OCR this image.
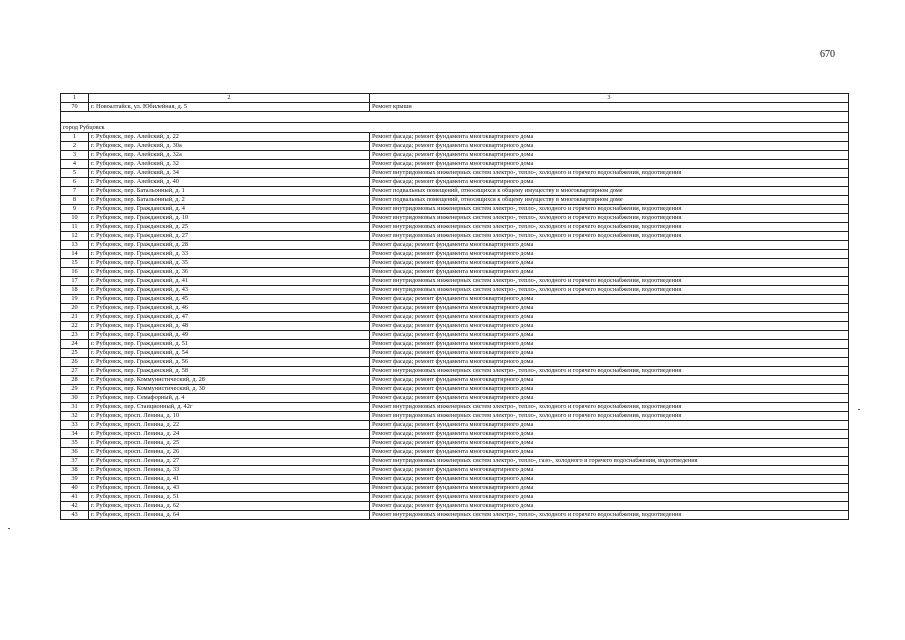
670
1	2	3
70	г. Новоалтайск, ул. Юбилейная, д. 5	Ремонт крыши

город Рубцовск		
1	г. Рубцовск, пер. Алейский, д. 22	Ремонт фасада; ремонт фундамента многоквартирного дома
2	г. Рубцовск, пер. Алейский, д. 30а	Ремонт фасада; ремонт фундамента многоквартирного дома
3	г. Рубцовск, пер. Алейский, д. 32а	Ремонт фасада; ремонт фундамента многоквартирного дома
4	г. Рубцовск, пер. Алейский, д. 32	Ремонт фасада; ремонт фундамента многоквартирного дома
5	г. Рубцовск, пер. Алейский, д. 34	Ремонт внутридомовых инженерных систем электро-, тепло-, холодного и горячего водоснабжения, водоотведения
6	г. Рубцовск, пер. Алейский, д. 40	Ремонт фасада; ремонт фундамента многоквартирного дома
7	г. Рубцовск, пер. Батальонный, д. 1	Ремонт подвальных помещений, относящихся к общему имуществу в многоквартирном доме
8	г. Рубцовск, пер. Батальонный, д. 2	Ремонт подвальных помещений, относящихся к общему имуществу в многоквартирном доме
9	г. Рубцовск, пер. Гражданский, д. 4	Ремонт внутридомовых инженерных систем электро-, тепло-, холодного и горячего водоснабжения, водоотведения
10	г. Рубцовск, пер. Гражданский, д. 10	Ремонт внутридомовых инженерных систем электро-, тепло-, холодного и горячего водоснабжения, водоотведения
11	г. Рубцовск, пер. Гражданский, д. 25	Ремонт внутридомовых инженерных систем электро-, тепло-, холодного и горячего водоснабжения, водоотведения
12	г. Рубцовск, пер. Гражданский, д. 27	Ремонт внутридомовых инженерных систем электро-, тепло-, холодного и горячего водоснабжения, водоотведения
13	г. Рубцовск, пер. Гражданский, д. 28	Ремонт фасада; ремонт фундамента многоквартирного дома
14	г. Рубцовск, пер. Гражданский, д. 33	Ремонт фасада; ремонт фундамента многоквартирного дома
15	г. Рубцовск, пер. Гражданский, д. 35	Ремонт фасада; ремонт фундамента многоквартирного дома
16	г. Рубцовск, пер. Гражданский, д. 36	Ремонт фасада; ремонт фундамента многоквартирного дома
17	г. Рубцовск, пер. Гражданский, д. 41	Ремонт внутридомовых инженерных систем электро-, тепло-, холодного и горячего водоснабжения, водоотведения
18	г. Рубцовск, пер. Гражданский, д. 43	Ремонт внутридомовых инженерных систем электро-, тепло-, холодного и горячего водоснабжения, водоотведения
19	г. Рубцовск, пер. Гражданский, д. 45	Ремонт фасада; ремонт фундамента многоквартирного дома
20	г. Рубцовск, пер. Гражданский, д. 46	Ремонт фасада; ремонт фундамента многоквартирного дома
21	г. Рубцовск, пер. Гражданский, д. 47	Ремонт фасада; ремонт фундамента многоквартирного дома
22	г. Рубцовск, пер. Гражданский, д. 48	Ремонт фасада; ремонт фундамента многоквартирного дома
23	г. Рубцовск, пер. Гражданский, д. 49	Ремонт фасада; ремонт фундамента многоквартирного дома
24	г. Рубцовск, пер. Гражданский, д. 51	Ремонт фасада; ремонт фундамента многоквартирного дома
25	г. Рубцовск, пер. Гражданский, д. 54	Ремонт фасада; ремонт фундамента многоквартирного дома
26	г. Рубцовск, пер. Гражданский, д. 56	Ремонт фасада; ремонт фундамента многоквартирного дома
27	г. Рубцовск, пер. Гражданский, д. 58	Ремонт внутридомовых инженерных систем электро-, тепло-, холодного и горячего водоснабжения, водоотведения
28	г. Рубцовск, пер. Коммунистический, д. 28	Ремонт фасада; ремонт фундамента многоквартирного дома
29	г. Рубцовск, пер. Коммунистический, д. 30	Ремонт фасада; ремонт фундамента многоквартирного дома
30	г. Рубцовск, пер. Семафорный, д. 4	Ремонт фасада; ремонт фундамента многоквартирного дома
31	г. Рубцовск, пер. Станционный, д. 42г	Ремонт внутридомовых инженерных систем электро-, тепло-, холодного и горячего водоснабжения, водоотведения
32	г. Рубцовск, просп. Ленина, д. 10	Ремонт внутридомовых инженерных систем электро-, тепло-, холодного и горячего водоснабжения, водоотведения
33	г. Рубцовск, просп. Ленина, д. 22	Ремонт фасада; ремонт фундамента многоквартирного дома
34	г. Рубцовск, просп. Ленина, д. 24	Ремонт фасада; ремонт фундамента многоквартирного дома
35	г. Рубцовск, просп. Ленина, д. 25	Ремонт фасада; ремонт фундамента многоквартирного дома
36	г. Рубцовск, просп. Ленина, д. 26	Ремонт фасада; ремонт фундамента многоквартирного дома
37	г. Рубцовск, просп. Ленина, д. 27	Ремонт внутридомовых инженерных систем электро-, тепло-, газо-, холодного и горячего водоснабжения, водоотведения
38	г. Рубцовск, просп. Ленина, д. 33	Ремонт фасада; ремонт фундамента многоквартирного дома
39	г. Рубцовск, просп. Ленина, д. 41	Ремонт фасада; ремонт фундамента многоквартирного дома
40	г. Рубцовск, просп. Ленина, д. 43	Ремонт фасада; ремонт фундамента многоквартирного дома
41	г. Рубцовск, просп. Ленина, д. 51	Ремонт фасада; ремонт фундамента многоквартирного дома
42	г. Рубцовск, просп. Ленина, д. 62	Ремонт фасада; ремонт фундамента многоквартирного дома
43	г. Рубцовск, просп. Ленина, д. 64	Ремонт внутридомовых инженерных систем электро-, тепло-, холодного и горячего водоснабжения, водоотведения
